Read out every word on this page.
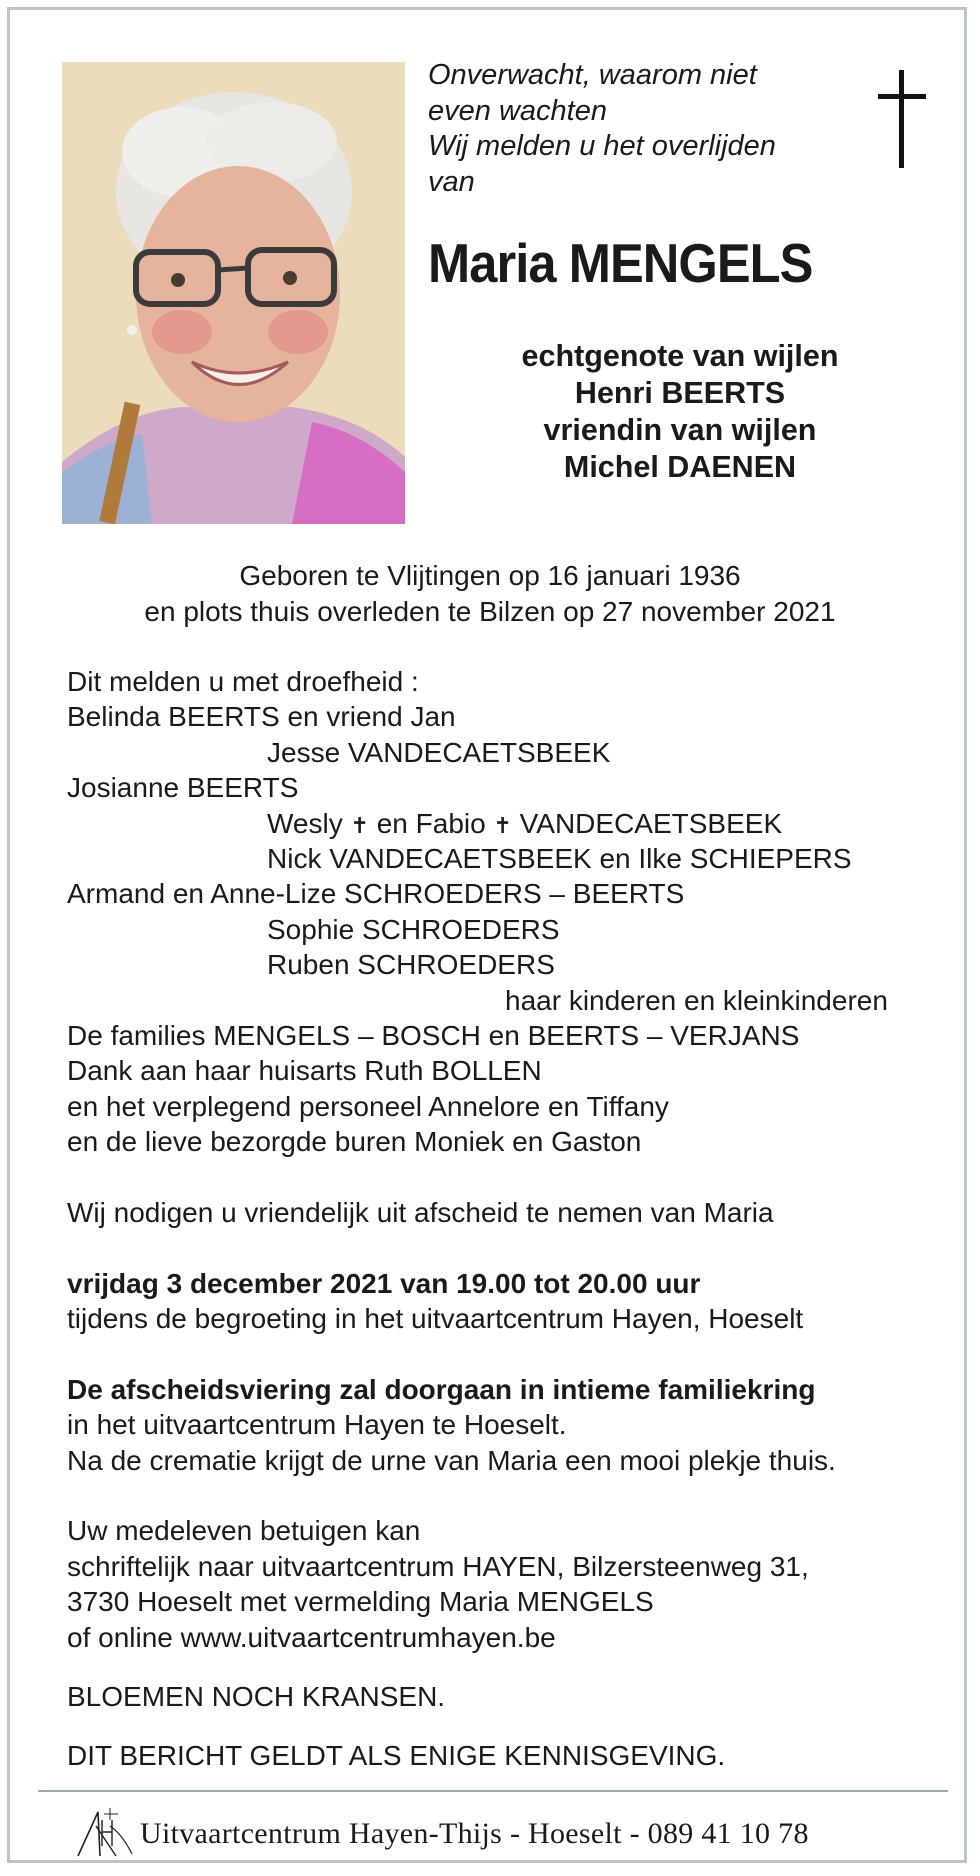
Onverwacht, waarom niet
even wachten
Wij melden u het overlijden
van
Maria MENGELS
echtgenote van wijlen
Henri BEERTS
vriendin van wijlen
Michel DAENEN
Geboren te Vlijtingen op 16 januari 1936
en plots thuis overleden te Bilzen op 27 november 2021
Dit melden u met droefheid :
Belinda BEERTS en vriend Jan
Jesse VANDECAETSBEEK
Josianne BEERTS
Wesly ✝ en Fabio ✝ VANDECAETSBEEK
Nick VANDECAETSBEEK en Ilke SCHIEPERS
Armand en Anne-Lize SCHROEDERS – BEERTS
Sophie SCHROEDERS
Ruben SCHROEDERS
haar kinderen en kleinkinderen
De families MENGELS – BOSCH en BEERTS – VERJANS
Dank aan haar huisarts Ruth BOLLEN
en het verplegend personeel Annelore en Tiffany
en de lieve bezorgde buren Moniek en Gaston
Wij nodigen u vriendelijk uit afscheid te nemen van Maria
vrijdag 3 december 2021 van 19.00 tot 20.00 uur
tijdens de begroeting in het uitvaartcentrum Hayen, Hoeselt
De afscheidsviering zal doorgaan in intieme familiekring
in het uitvaartcentrum Hayen te Hoeselt.
Na de crematie krijgt de urne van Maria een mooi plekje thuis.
Uw medeleven betuigen kan
schriftelijk naar uitvaartcentrum HAYEN, Bilzersteenweg 31,
3730 Hoeselt met vermelding Maria MENGELS
of online www.uitvaartcentrumhayen.be
BLOEMEN NOCH KRANSEN.
DIT BERICHT GELDT ALS ENIGE KENNISGEVING.
Uitvaartcentrum Hayen-Thijs - Hoeselt - 089 41 10 78
